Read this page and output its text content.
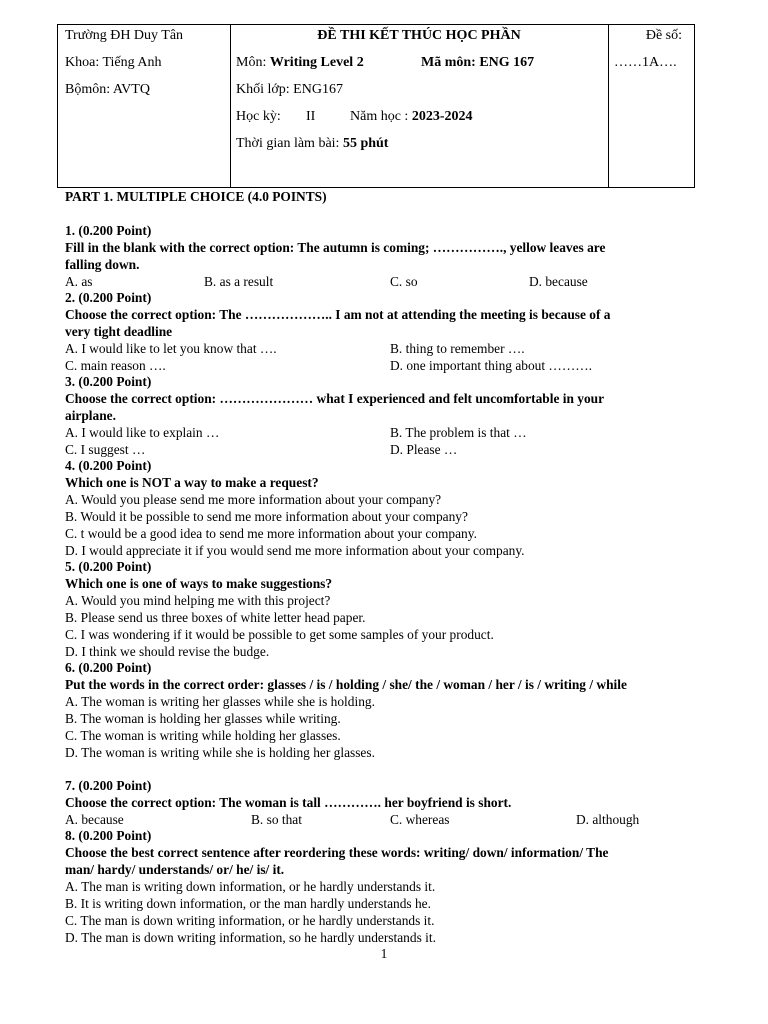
Trường ĐH Duy Tân
Khoa: Tiếng Anh
Bộmôn: AVTQ
ĐỀ THI KẾT THÚC HỌC PHẦN
Môn: Writing Level 2	Mã môn: ENG 167
Khối lớp: ENG167
Học kỳ: II Năm học : 2023-2024
Thời gian làm bài: 55 phút
Đề số:
……1A….
PART 1. MULTIPLE CHOICE (4.0 POINTS)
1. (0.200 Point)
Fill in the blank with the correct option: The autumn is coming; ……………., yellow leaves are
falling down.
A. as	B. as a result	C. so	D. because
2. (0.200 Point)
Choose the correct option: The ……………….. I am not at attending the meeting is because of a
very tight deadline
A. I would like to let you know that ….	B. thing to remember ….
C. main reason ….	D. one important thing about ……….
3. (0.200 Point)
Choose the correct option: ………………… what I experienced and felt uncomfortable in your
airplane.
A. I would like to explain …	B. The problem is that …
C. I suggest …	D. Please …
4. (0.200 Point)
Which one is NOT a way to make a request?
A. Would you please send me more information about your company?
B. Would it be possible to send me more information about your company?
C. t would be a good idea to send me more information about your company.
D. I would appreciate it if you would send me more information about your company.
5. (0.200 Point)
Which one is one of ways to make suggestions?
A. Would you mind helping me with this project?
B. Please send us three boxes of white letter head paper.
C. I was wondering if it would be possible to get some samples of your product.
D. I think we should revise the budge.
6. (0.200 Point)
Put the words in the correct order: glasses / is / holding / she/ the / woman / her / is / writing / while
A. The woman is writing her glasses while she is holding.
B. The woman is holding her glasses while writing.
C. The woman is writing while holding her glasses.
D. The woman is writing while she is holding her glasses.
7. (0.200 Point)
Choose the correct option: The woman is tall …………. her boyfriend is short.
A. because	B. so that	C. whereas	D. although
8. (0.200 Point)
Choose the best correct sentence after reordering these words: writing/ down/ information/ The
man/ hardy/ understands/ or/ he/ is/ it.
A. The man is writing down information, or he hardly understands it.
B. It is writing down information, or the man hardly understands he.
C. The man is down writing information, or he hardly understands it.
D. The man is down writing information, so he hardly understands it.
1
